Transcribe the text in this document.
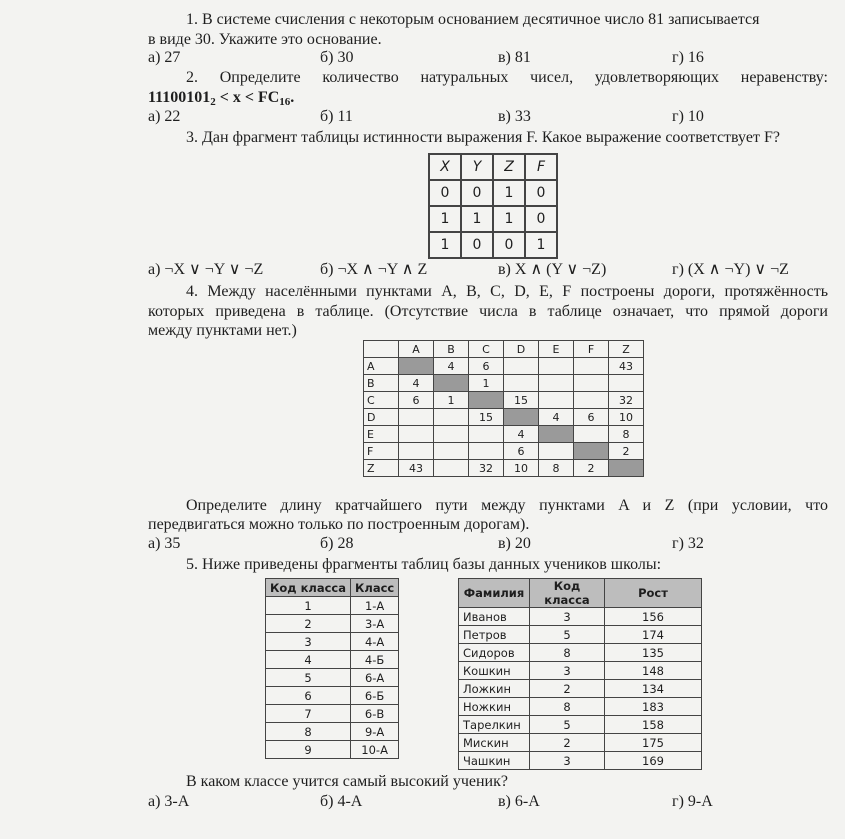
1. В системе счисления с некоторым основанием десятичное число 81 записывается
в виде 30. Укажите это основание.
а) 27	б) 30	в) 81	г) 16
2. Определите количество натуральных чисел, удовлетворяющих неравенству:
$11100101_2 < x < FC_{16}$.
а) 22	б) 11	в) 33	г) 10
3. Дан фрагмент таблицы истинности выражения F. Какое выражение соответствует F?
X	Y	Z	F
0	0	1	0
1	1	1	0
1	0	0	1
а) ¬X ∨ ¬Y ∨ ¬Z	б) ¬X ∧ ¬Y ∧ Z	в) X ∧ (Y ∨ ¬Z)	г) (X ∧ ¬Y) ∨ ¬Z
4. Между населёнными пунктами A, B, C, D, E, F построены дороги, протяжённость
которых приведена в таблице. (Отсутствие числа в таблице означает, что прямой дороги
между пунктами нет.)
	A	B	C	D	E	F	Z
A		4	6				43
B	4		1				
C	6	1		15			32
D			15		4	6	10
E				4			8
F				6			2
Z	43		32	10	8	2	
Определите длину кратчайшего пути между пунктами A и Z (при условии, что
передвигаться можно только по построенным дорогам).
а) 35	б) 28	в) 20	г) 32
5. Ниже приведены фрагменты таблиц базы данных учеников школы:
Код класса	Класс
1	1-А
2	3-А
3	4-А
4	4-Б
5	6-А
6	6-Б
7	6-В
8	9-А
9	10-А
Фамилия	Код класса	Рост
Иванов	3	156
Петров	5	174
Сидоров	8	135
Кошкин	3	148
Ложкин	2	134
Ножкин	8	183
Тарелкин	5	158
Мискин	2	175
Чашкин	3	169
В каком классе учится самый высокий ученик?
а) 3-А	б) 4-А	в) 6-А	г) 9-А
